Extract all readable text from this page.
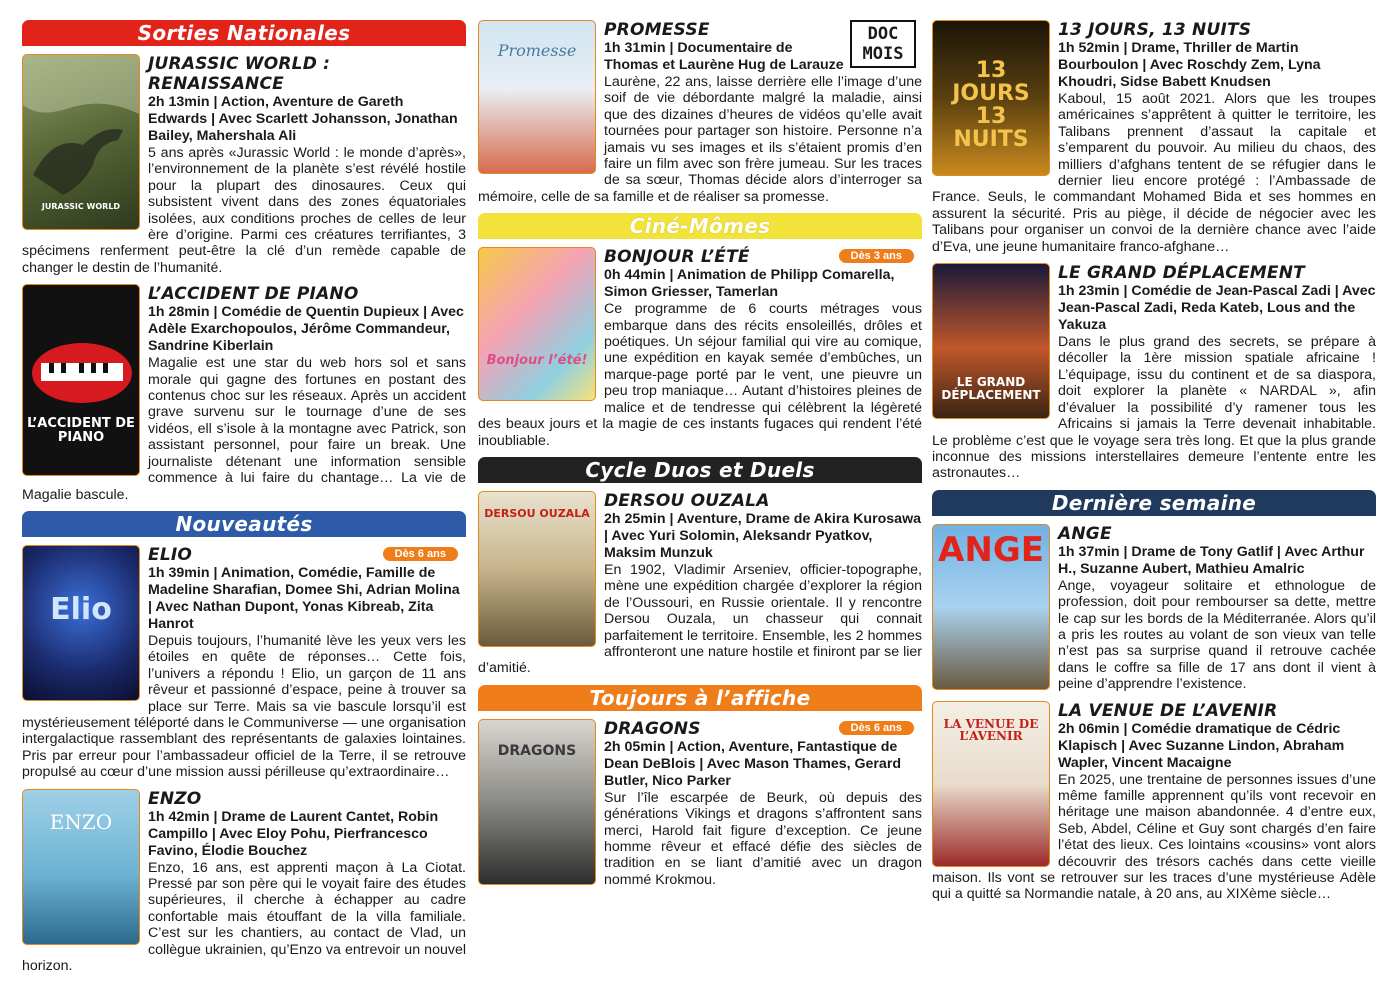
Sorties Nationales
JURASSIC WORLD
JURASSIC WORLD : RENAISSANCE
2h 13min | Action, Aventure de Gareth Edwards | Avec Scarlett Johansson, Jonathan Bailey, Mahershala Ali
5 ans après «Jurassic World : le monde d’après», l’environnement de la planète s’est révélé hostile pour la plupart des dinosaures. Ceux qui subsistent vivent dans des zones équatoriales isolées, aux conditions proches de celles de leur ère d’origine. Parmi ces créatures terrifiantes, 3 spécimens renferment peut-être la clé d’un remède capable de changer le destin de l’humanité.
L’ACCIDENT DE PIANO
L’ACCIDENT DE PIANO
1h 28min | Comédie de Quentin Dupieux | Avec Adèle Exarchopoulos, Jérôme Commandeur, Sandrine Kiberlain
Magalie est une star du web hors sol et sans morale qui gagne des fortunes en postant des contenus choc sur les réseaux. Après un accident grave survenu sur le tournage d’une de ses vidéos, ell s’isole à la montagne avec Patrick, son assistant personnel, pour faire un break. Une journaliste détenant une information sensible commence à lui faire du chantage… La vie de Magalie bascule.
Nouveautés
Elio
Dès 6 ans
ELIO
1h 39min | Animation, Comédie, Famille de Madeline Sharafian, Domee Shi, Adrian Molina | Avec Nathan Dupont, Yonas Kibreab, Zita Hanrot
Depuis toujours, l’humanité lève les yeux vers les étoiles en quête de réponses… Cette fois, l’univers a répondu ! Elio, un garçon de 11 ans rêveur et passionné d’espace, peine à trouver sa place sur Terre. Mais sa vie bascule lorsqu’il est mystérieusement téléporté dans le Communiverse — une organisation intergalactique rassemblant des représentants de galaxies lointaines. Pris par erreur pour l’ambassadeur officiel de la Terre, il se retrouve propulsé au cœur d’une mission aussi périlleuse qu’extraordinaire…
ENZO
ENZO
1h 42min | Drame de Laurent Cantet, Robin Campillo | Avec Eloy Pohu, Pierfrancesco Favino, Élodie Bouchez
Enzo, 16 ans, est apprenti maçon à La Ciotat. Pressé par son père qui le voyait faire des études supérieures, il cherche à échapper au cadre confortable mais étouffant de la villa familiale. C’est sur les chantiers, au contact de Vlad, un collègue ukrainien, qu’Enzo va entrevoir un nouvel horizon.
Promesse
DOC
MOIS
PROMESSE
1h 31min | Documentaire de Thomas et Laurène Hug de Larauze
Laurène, 22 ans, laisse derrière elle l’image d’une soif de vie débordante malgré la maladie, ainsi que des dizaines d’heures de vidéos qu’elle avait tournées pour partager son histoire. Personne n’a jamais vu ses images et ils s’étaient promis d’en faire un film avec son frère jumeau. Sur les traces de sa sœur, Thomas décide alors d’interroger sa mémoire, celle de sa famille et de réaliser sa promesse.
Ciné-Mômes
Bonjour l’été!
Dès 3 ans
BONJOUR L’ÉTÉ
0h 44min | Animation de Philipp Comarella, Simon Griesser, Tamerlan
Ce programme de 6 courts métrages vous embarque dans des récits ensoleillés, drôles et poétiques. Un séjour familial qui vire au comique, une expédition en kayak semée d’embûches, un marque-page porté par le vent, une pieuvre un peu trop maniaque… Autant d’histoires pleines de malice et de tendresse qui célèbrent la légèreté des beaux jours et la magie de ces instants fugaces qui rendent l’été inoubliable.
Cycle Duos et Duels
DERSOU OUZALA
DERSOU OUZALA
2h 25min | Aventure, Drame de Akira Kurosawa | Avec Yuri Solomin, Aleksandr Pyatkov, Maksim Munzuk
En 1902, Vladimir Arseniev, officier-topographe, mène une expédition chargée d’explorer la région de l’Oussouri, en Russie orientale. Il y rencontre Dersou Ouzala, un chasseur qui connait parfaitement le territoire. Ensemble, les 2 hommes affronteront une nature hostile et finiront par se lier d’amitié.
Toujours à l’affiche
DRAGONS
Dès 6 ans
DRAGONS
2h 05min | Action, Aventure, Fantastique de Dean DeBlois | Avec Mason Thames, Gerard Butler, Nico Parker
Sur l’île escarpée de Beurk, où depuis des générations Vikings et dragons s’affrontent sans merci, Harold fait figure d’exception. Ce jeune homme rêveur et effacé défie des siècles de tradition en se liant d’amitié avec un dragon nommé Krokmou.
13 JOURS 13 NUITS
13 JOURS, 13 NUITS
1h 52min | Drame, Thriller de Martin Bourboulon | Avec Roschdy Zem, Lyna Khoudri, Sidse Babett Knudsen
Kaboul, 15 août 2021. Alors que les troupes américaines s’apprêtent à quitter le territoire, les Talibans prennent d’assaut la capitale et s’emparent du pouvoir. Au milieu du chaos, des milliers d’afghans tentent de se réfugier dans le dernier lieu encore protégé : l’Ambassade de France. Seuls, le commandant Mohamed Bida et ses hommes en assurent la sécurité. Pris au piège, il décide de négocier avec les Talibans pour organiser un convoi de la dernière chance avec l’aide d’Eva, une jeune humanitaire franco-afghane…
LE GRAND DÉPLACEMENT
LE GRAND DÉPLACEMENT
1h 23min | Comédie de Jean-Pascal Zadi | Avec Jean-Pascal Zadi, Reda Kateb, Lous and the Yakuza
Dans le plus grand des secrets, se prépare à décoller la 1ère mission spatiale africaine ! L’équipage, issu du continent et de sa diaspora, doit explorer la planète « NARDAL », afin d’évaluer la possibilité d’y ramener tous les Africains si jamais la Terre devenait inhabitable. Le problème c’est que le voyage sera très long. Et que la plus grande inconnue des missions interstellaires demeure l’entente entre les astronautes…
Dernière semaine
ANGE ANGE
1h 37min | Drame de Tony Gatlif | Avec Arthur H., Suzanne Aubert, Mathieu Amalric
Ange, voyageur solitaire et ethnologue de profession, doit pour rembourser sa dette, mettre le cap sur les bords de la Méditerranée. Alors qu’il a pris les routes au volant de son vieux van telle n’est pas sa surprise quand il retrouve cachée dans le coffre sa fille de 17 ans dont il vient à peine d’apprendre l’existence.
LA VENUE DE L’AVENIR
LA VENUE DE L’AVENIR
2h 06min | Comédie dramatique de Cédric Klapisch | Avec Suzanne Lindon, Abraham Wapler, Vincent Macaigne
En 2025, une trentaine de personnes issues d’une même famille apprennent qu’ils vont recevoir en héritage une maison abandonnée. 4 d’entre eux, Seb, Abdel, Céline et Guy sont chargés d’en faire l’état des lieux. Ces lointains «cousins» vont alors découvrir des trésors cachés dans cette vieille maison. Ils vont se retrouver sur les traces d’une mystérieuse Adèle qui a quitté sa Normandie natale, à 20 ans, au XIXème siècle…
